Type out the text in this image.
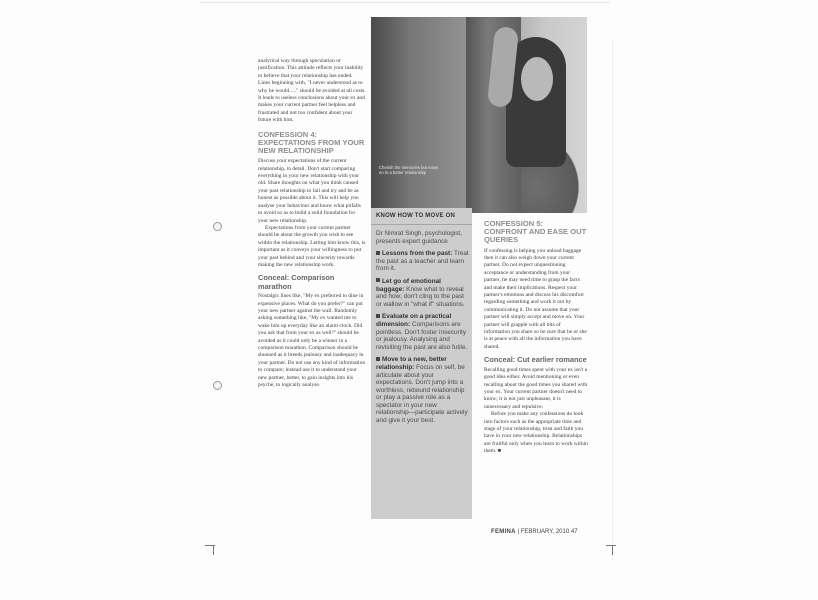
analytical way through speculation or justification. This attitude reflects your inability to believe that your relationship has ended. Lines beginning with, "I never understood as to why he would....." should be avoided at all costs. It leads to useless conclusions about your ex and makes your current partner feel helpless and frustrated and not too confident about your future with him.

CONFESSION 4: EXPECTATIONS FROM YOUR NEW RELATIONSHIP

Discuss your expectations of the current relationship, in detail. Don't start comparing everything in your new relationship with your old. Share thoughts on what you think caused your past relationship to fail and try and be as honest as possible about it. This will help you analyse your behaviour and know what pitfalls to avoid so as to build a solid foundation for your new relationship.

Expectations from your current partner should be about the growth you wish to see within the relationship. Letting him know this, is important as it conveys your willingness to put your past behind and your sincerity towards making the new relationship work.

Conceal: Comparison marathon

Nostalgic lines like, "My ex preferred to dine in expensive places. What do you prefer?" can put your new partner against the wall. Randomly asking something like, "My ex wanted me to wake him up everyday like an alarm clock. Did you ask that from your ex as well?" should be avoided as it could only be a winner in a comparison marathon. Comparison should be shunned as it breeds jealousy and inadequacy in your partner. Do not use any kind of information to compare; instead use it to understand your new partner, better, to gain insights into his psyche, to logically analyse.

Cherish the memories but move on to a better relationship
KNOW HOW TO MOVE ON

Dr Nimrat Singh, psychologist, presents expert guidance

Lessons from the past: Treat the past as a teacher and learn from it.

Let go of emotional baggage: Know what to reveal and how; don't cling to the past or wallow in "what if" situations.

Evaluate on a practical dimension: Comparisons are pointless. Don't foster insecurity or jealousy. Analysing and revisiting the past are also futile.

Move to a new, better relationship: Focus on self, be articulate about your expectations. Don't jump into a worthless, rebound relationship or play a passive role as a spectator in your new relationship—participate actively and give it your best.

CONFESSION 5: CONFRONT AND EASE OUT QUERIES

If confessing is helping you unload baggage then it can also weigh down your current partner. Do not expect unquestioning acceptance or understanding from your partner, he may need time to grasp the facts and make their implications. Respect your partner's emotions and discuss his discomfort regarding something and work it out by communicating it. Do not assume that your partner will simply accept and move on. Your partner will grapple with all bits of information you share so be sure that he or she is at peace with all the information you have shared.

Conceal: Cut earlier romance

Recalling good times spent with your ex isn't a good idea either. Avoid mentioning or even recalling about the good times you shared with your ex. Your current partner doesn't need to know; it is not just unpleasant, it is unnecessary and repulsive.

Before you make any confessions do look into factors such as the appropriate time and stage of your relationship, trust and faith you have in your new relationship. Relationships are fruitful only when you learn to work within them. ■

FEMINA | FEBRUARY, 2010 47
